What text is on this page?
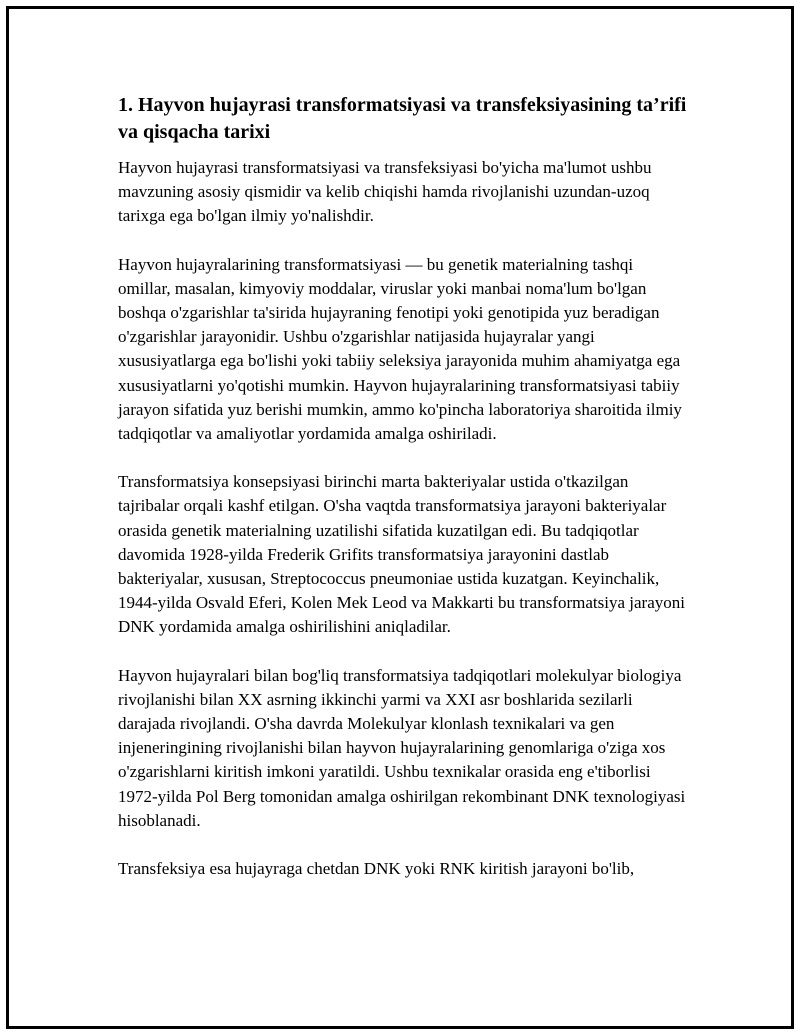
1. Hayvon hujayrasi transformatsiyasi va transfeksiyasining ta’rifi va qisqacha tarixi

Hayvon hujayrasi transformatsiyasi va transfeksiyasi bo'yicha ma'lumot ushbu mavzuning asosiy qismidir va kelib chiqishi hamda rivojlanishi uzundan-uzoq tarixga ega bo'lgan ilmiy yo'nalishdir.

Hayvon hujayralarining transformatsiyasi — bu genetik materialning tashqi omillar, masalan, kimyoviy moddalar, viruslar yoki manbai noma'lum bo'lgan boshqa o'zgarishlar ta'sirida hujayraning fenotipi yoki genotipida yuz beradigan o'zgarishlar jarayonidir. Ushbu o'zgarishlar natijasida hujayralar yangi xususiyatlarga ega bo'lishi yoki tabiiy seleksiya jarayonida muhim ahamiyatga ega xususiyatlarni yo'qotishi mumkin. Hayvon hujayralarining transformatsiyasi tabiiy jarayon sifatida yuz berishi mumkin, ammo ko'pincha laboratoriya sharoitida ilmiy tadqiqotlar va amaliyotlar yordamida amalga oshiriladi.

Transformatsiya konsepsiyasi birinchi marta bakteriyalar ustida o'tkazilgan tajribalar orqali kashf etilgan. O'sha vaqtda transformatsiya jarayoni bakteriyalar orasida genetik materialning uzatilishi sifatida kuzatilgan edi. Bu tadqiqotlar davomida 1928-yilda Frederik Grifits transformatsiya jarayonini dastlab bakteriyalar, xususan, Streptococcus pneumoniae ustida kuzatgan. Keyinchalik, 1944-yilda Osvald Eferi, Kolen Mek Leod va Makkarti bu transformatsiya jarayoni DNK yordamida amalga oshirilishini aniqladilar.

Hayvon hujayralari bilan bog'liq transformatsiya tadqiqotlari molekulyar biologiya rivojlanishi bilan XX asrning ikkinchi yarmi va XXI asr boshlarida sezilarli darajada rivojlandi. O'sha davrda Molekulyar klonlash texnikalari va gen injeneringining rivojlanishi bilan hayvon hujayralarining genomlariga o'ziga xos o'zgarishlarni kiritish imkoni yaratildi. Ushbu texnikalar orasida eng e'tiborlisi 1972-yilda Pol Berg tomonidan amalga oshirilgan rekombinant DNK texnologiyasi hisoblanadi.

Transfeksiya esa hujayraga chetdan DNK yoki RNK kiritish jarayoni bo'lib,
